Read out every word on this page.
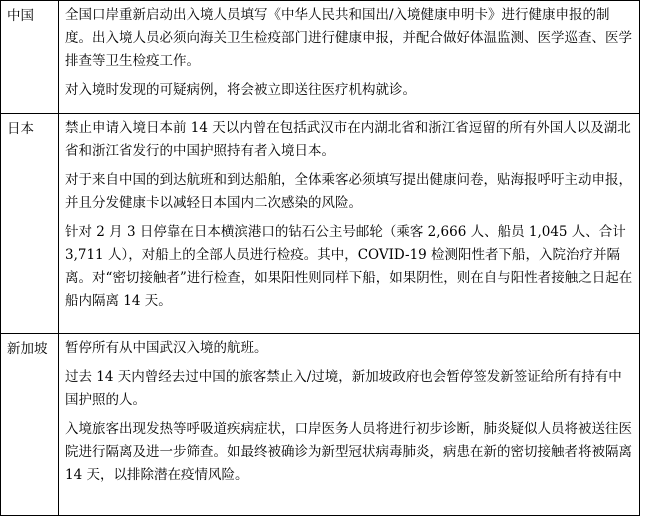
中国	全国口岸重新启动出入境人员填写《中华人民共和国出/入境健康申明卡》进行健康申报的制度。出入境人员必须向海关卫生检疫部门进行健康申报，并配合做好体温监测、医学巡查、医学排查等卫生检疫工作。

对入境时发现的可疑病例，将会被立即送往医疗机构就诊。

日本	禁止申请入境日本前 14 天以内曾在包括武汉市在内湖北省和浙江省逗留的所有外国人以及湖北省和浙江省发行的中国护照持有者入境日本。

对于来自中国的到达航班和到达船舶，全体乘客必须填写提出健康问卷，贴海报呼吁主动申报，并且分发健康卡以减轻日本国内二次感染的风险。

针对 2 月 3 日停靠在日本横滨港口的钻石公主号邮轮（乘客 2,666 人、船员 1,045 人、合计 3,711 人），对船上的全部人员进行检疫。其中，COVID-19 检测阳性者下船，入院治疗并隔离。对“密切接触者”进行检查，如果阳性则同样下船，如果阴性，则在自与阳性者接触之日起在船内隔离 14 天。

新加坡	暂停所有从中国武汉入境的航班。

过去 14 天内曾经去过中国的旅客禁止入/过境，新加坡政府也会暂停签发新签证给所有持有中国护照的人。

入境旅客出现发热等呼吸道疾病症状，口岸医务人员将进行初步诊断，肺炎疑似人员将被送往医院进行隔离及进一步筛查。如最终被确诊为新型冠状病毒肺炎，病患在新的密切接触者将被隔离 14 天，以排除潜在疫情风险。
